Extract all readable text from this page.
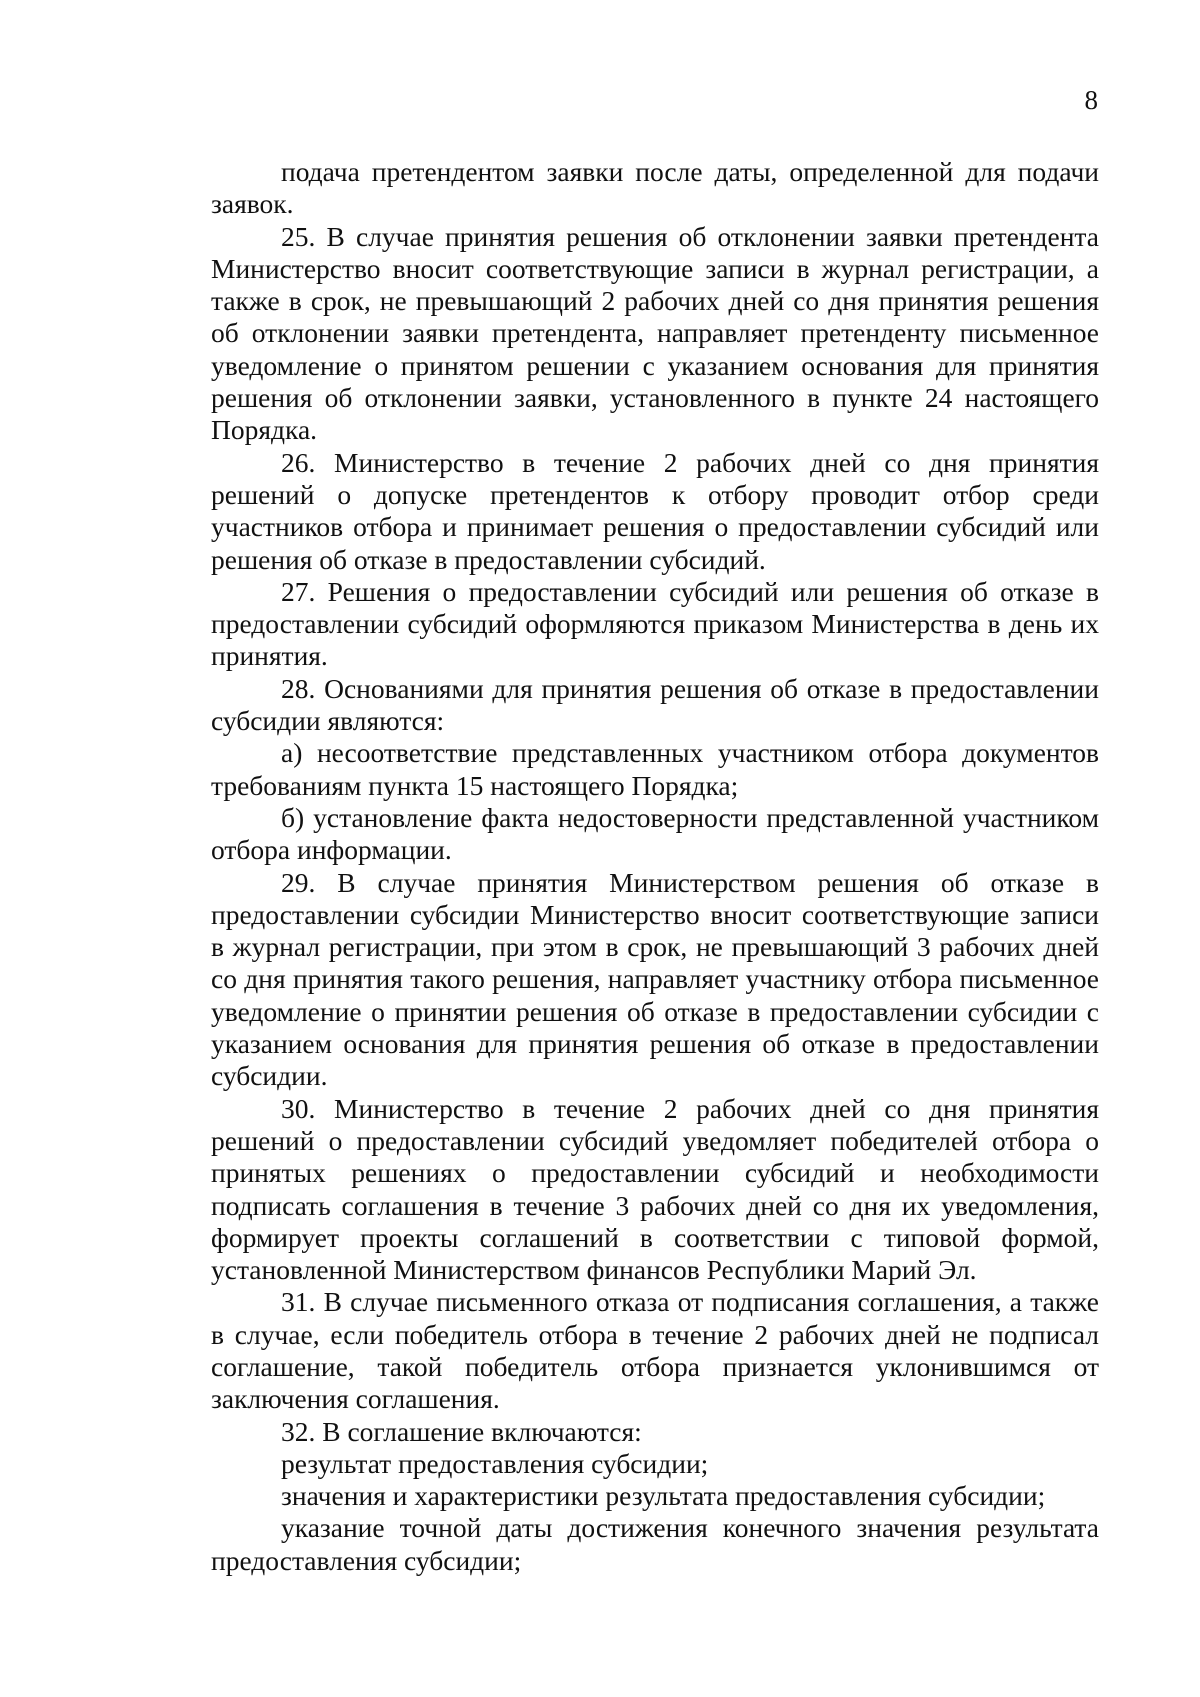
8

подача претендентом заявки после даты, определенной для подачи заявок.

25. В случае принятия решения об отклонении заявки претендента Министерство вносит соответствующие записи в журнал регистрации, а также в срок, не превышающий 2 рабочих дней со дня принятия решения об отклонении заявки претендента, направляет претенденту письменное уведомление о принятом решении с указанием основания для принятия решения об отклонении заявки, установленного в пункте 24 настоящего Порядка.

26. Министерство в течение 2 рабочих дней со дня принятия решений о допуске претендентов к отбору проводит отбор среди участников отбора и принимает решения о предоставлении субсидий или решения об отказе в предоставлении субсидий.

27. Решения о предоставлении субсидий или решения об отказе в предоставлении субсидий оформляются приказом Министерства в день их принятия.

28. Основаниями для принятия решения об отказе в предоставлении субсидии являются:

а) несоответствие представленных участником отбора документов требованиям пункта 15 настоящего Порядка;

б) установление факта недостоверности представленной участником отбора информации.

29. В случае принятия Министерством решения об отказе в предоставлении субсидии Министерство вносит соответствующие записи в журнал регистрации, при этом в срок, не превышающий 3 рабочих дней со дня принятия такого решения, направляет участнику отбора письменное уведомление о принятии решения об отказе в предоставлении субсидии с указанием основания для принятия решения об отказе в предоставлении субсидии.

30. Министерство в течение 2 рабочих дней со дня принятия решений о предоставлении субсидий уведомляет победителей отбора о принятых решениях о предоставлении субсидий и необходимости подписать соглашения в течение 3 рабочих дней со дня их уведомления, формирует проекты соглашений в соответствии с типовой формой, установленной Министерством финансов Республики Марий Эл.

31. В случае письменного отказа от подписания соглашения, а также в случае, если победитель отбора в течение 2 рабочих дней не подписал соглашение, такой победитель отбора признается уклонившимся от заключения соглашения.

32. В соглашение включаются:

результат предоставления субсидии;

значения и характеристики результата предоставления субсидии;

указание точной даты достижения конечного значения результата предоставления субсидии;
